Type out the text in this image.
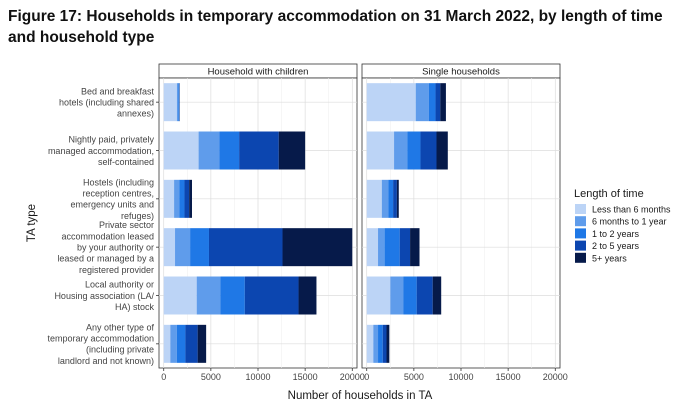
Figure 17: Households in temporary accommodation on 31 March 2022, by length of time and household type
Household with children
0	5000	10000 15000 20000
Single households
0	5000	10000 15000 20000
Bed and breakfast
hotels (including shared
annexes)
Nightly paid, privately
managed accommodation,
self-contained
Hostels (including
reception centres,
emergency units and
refuges)
Private sector
accommodation leased
by your authority or
leased or managed by a
registered provider
Local authority or
Housing association (LA/
HA) stock
Any other type of
temporary accommodation
(including private
landlord and not known)
Number of households in TA
TA type
Length of time
Less than 6 months
6 months to 1 year
1 to 2 years
2 to 5 years
5+ years
